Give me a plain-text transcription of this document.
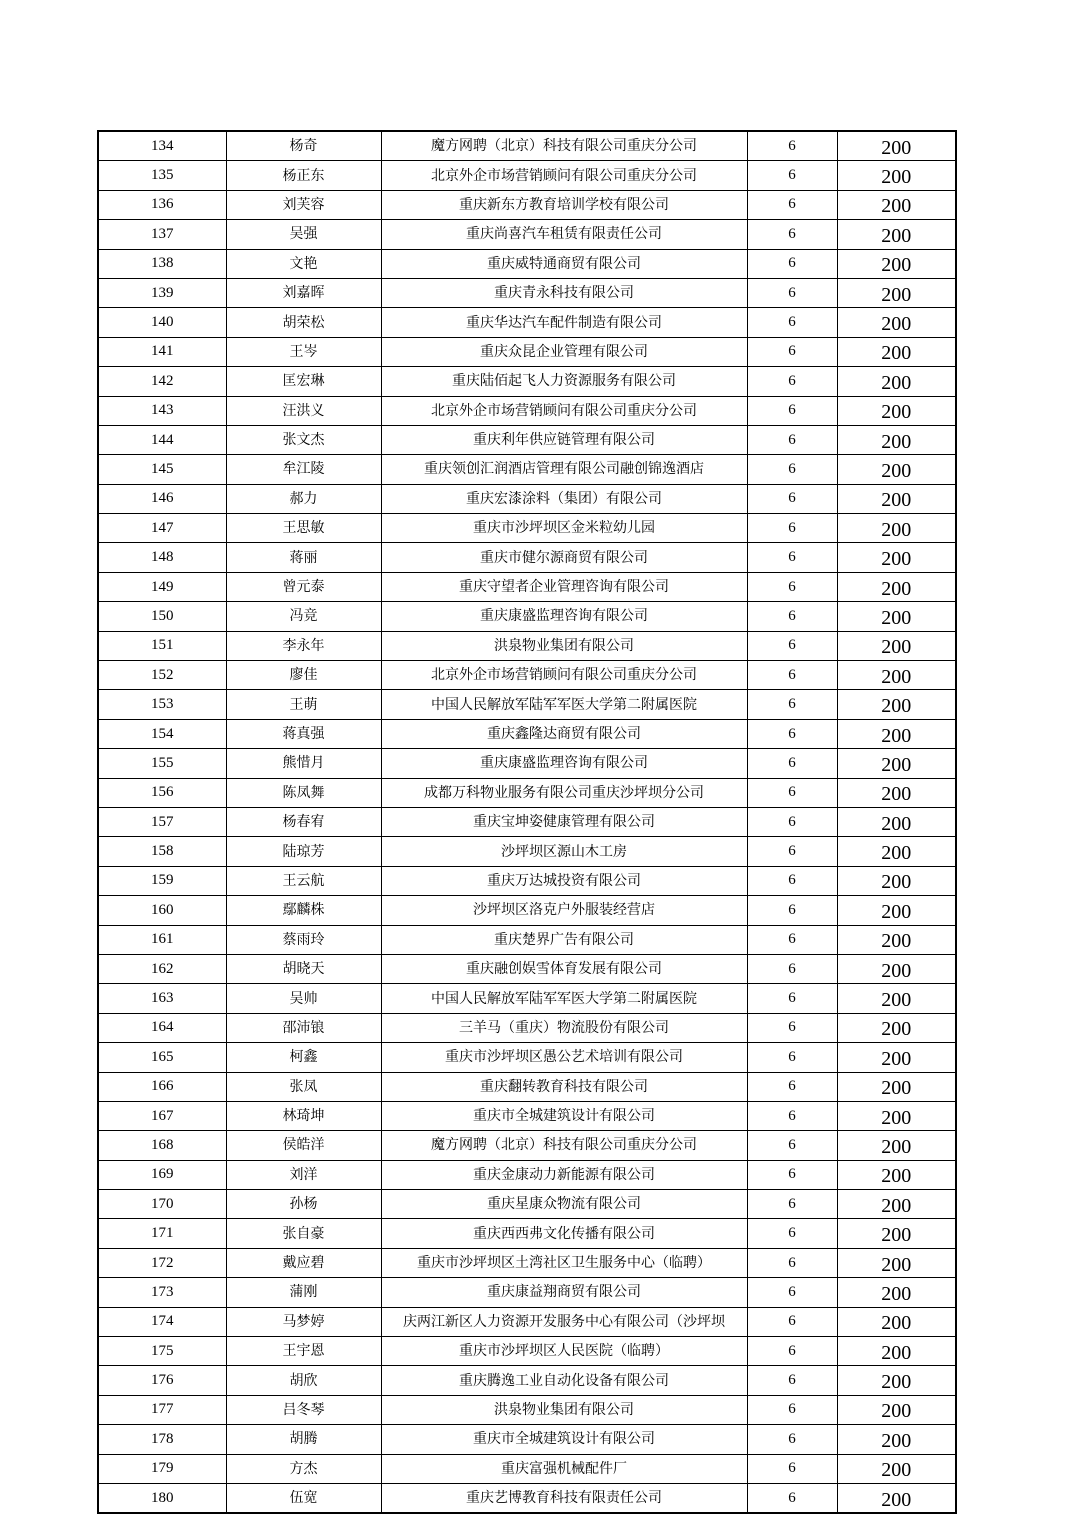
134	杨奇	魔方网聘（北京）科技有限公司重庆分公司	6	200
135	杨正东	北京外企市场营销顾问有限公司重庆分公司	6	200
136	刘芙容	重庆新东方教育培训学校有限公司	6	200
137	吴强	重庆尚喜汽车租赁有限责任公司	6	200
138	文艳	重庆威特通商贸有限公司	6	200
139	刘嘉晖	重庆青永科技有限公司	6	200
140	胡荣松	重庆华达汽车配件制造有限公司	6	200
141	王岑	重庆众昆企业管理有限公司	6	200
142	匡宏琳	重庆陆佰起飞人力资源服务有限公司	6	200
143	汪洪义	北京外企市场营销顾问有限公司重庆分公司	6	200
144	张文杰	重庆利年供应链管理有限公司	6	200
145	牟江陵	重庆领创汇润酒店管理有限公司融创锦逸酒店	6	200
146	郝力	重庆宏漆涂料（集团）有限公司	6	200
147	王思敏	重庆市沙坪坝区金米粒幼儿园	6	200
148	蒋丽	重庆市健尔源商贸有限公司	6	200
149	曾元泰	重庆守望者企业管理咨询有限公司	6	200
150	冯竞	重庆康盛监理咨询有限公司	6	200
151	李永年	洪泉物业集团有限公司	6	200
152	廖佳	北京外企市场营销顾问有限公司重庆分公司	6	200
153	王萌	中国人民解放军陆军军医大学第二附属医院	6	200
154	蒋真强	重庆鑫隆达商贸有限公司	6	200
155	熊惜月	重庆康盛监理咨询有限公司	6	200
156	陈凤舞	成都万科物业服务有限公司重庆沙坪坝分公司	6	200
157	杨春宥	重庆宝坤姿健康管理有限公司	6	200
158	陆琼芳	沙坪坝区源山木工房	6	200
159	王云航	重庆万达城投资有限公司	6	200
160	鄢麟株	沙坪坝区洛克户外服装经营店	6	200
161	蔡雨玲	重庆楚界广告有限公司	6	200
162	胡晓天	重庆融创娱雪体育发展有限公司	6	200
163	吴帅	中国人民解放军陆军军医大学第二附属医院	6	200
164	邵沛锒	三羊马（重庆）物流股份有限公司	6	200
165	柯鑫	重庆市沙坪坝区愚公艺术培训有限公司	6	200
166	张凤	重庆翻转教育科技有限公司	6	200
167	林琦坤	重庆市全城建筑设计有限公司	6	200
168	侯皓洋	魔方网聘（北京）科技有限公司重庆分公司	6	200
169	刘洋	重庆金康动力新能源有限公司	6	200
170	孙杨	重庆星康众物流有限公司	6	200
171	张自豪	重庆西西弗文化传播有限公司	6	200
172	戴应碧	重庆市沙坪坝区土湾社区卫生服务中心（临聘）	6	200
173	蒲刚	重庆康益翔商贸有限公司	6	200
174	马梦婷	庆两江新区人力资源开发服务中心有限公司（沙坪坝	6	200
175	王宇恩	重庆市沙坪坝区人民医院（临聘）	6	200
176	胡欣	重庆腾逸工业自动化设备有限公司	6	200
177	吕冬琴	洪泉物业集团有限公司	6	200
178	胡腾	重庆市全城建筑设计有限公司	6	200
179	方杰	重庆富强机械配件厂	6	200
180	伍宽	重庆艺博教育科技有限责任公司	6	200
